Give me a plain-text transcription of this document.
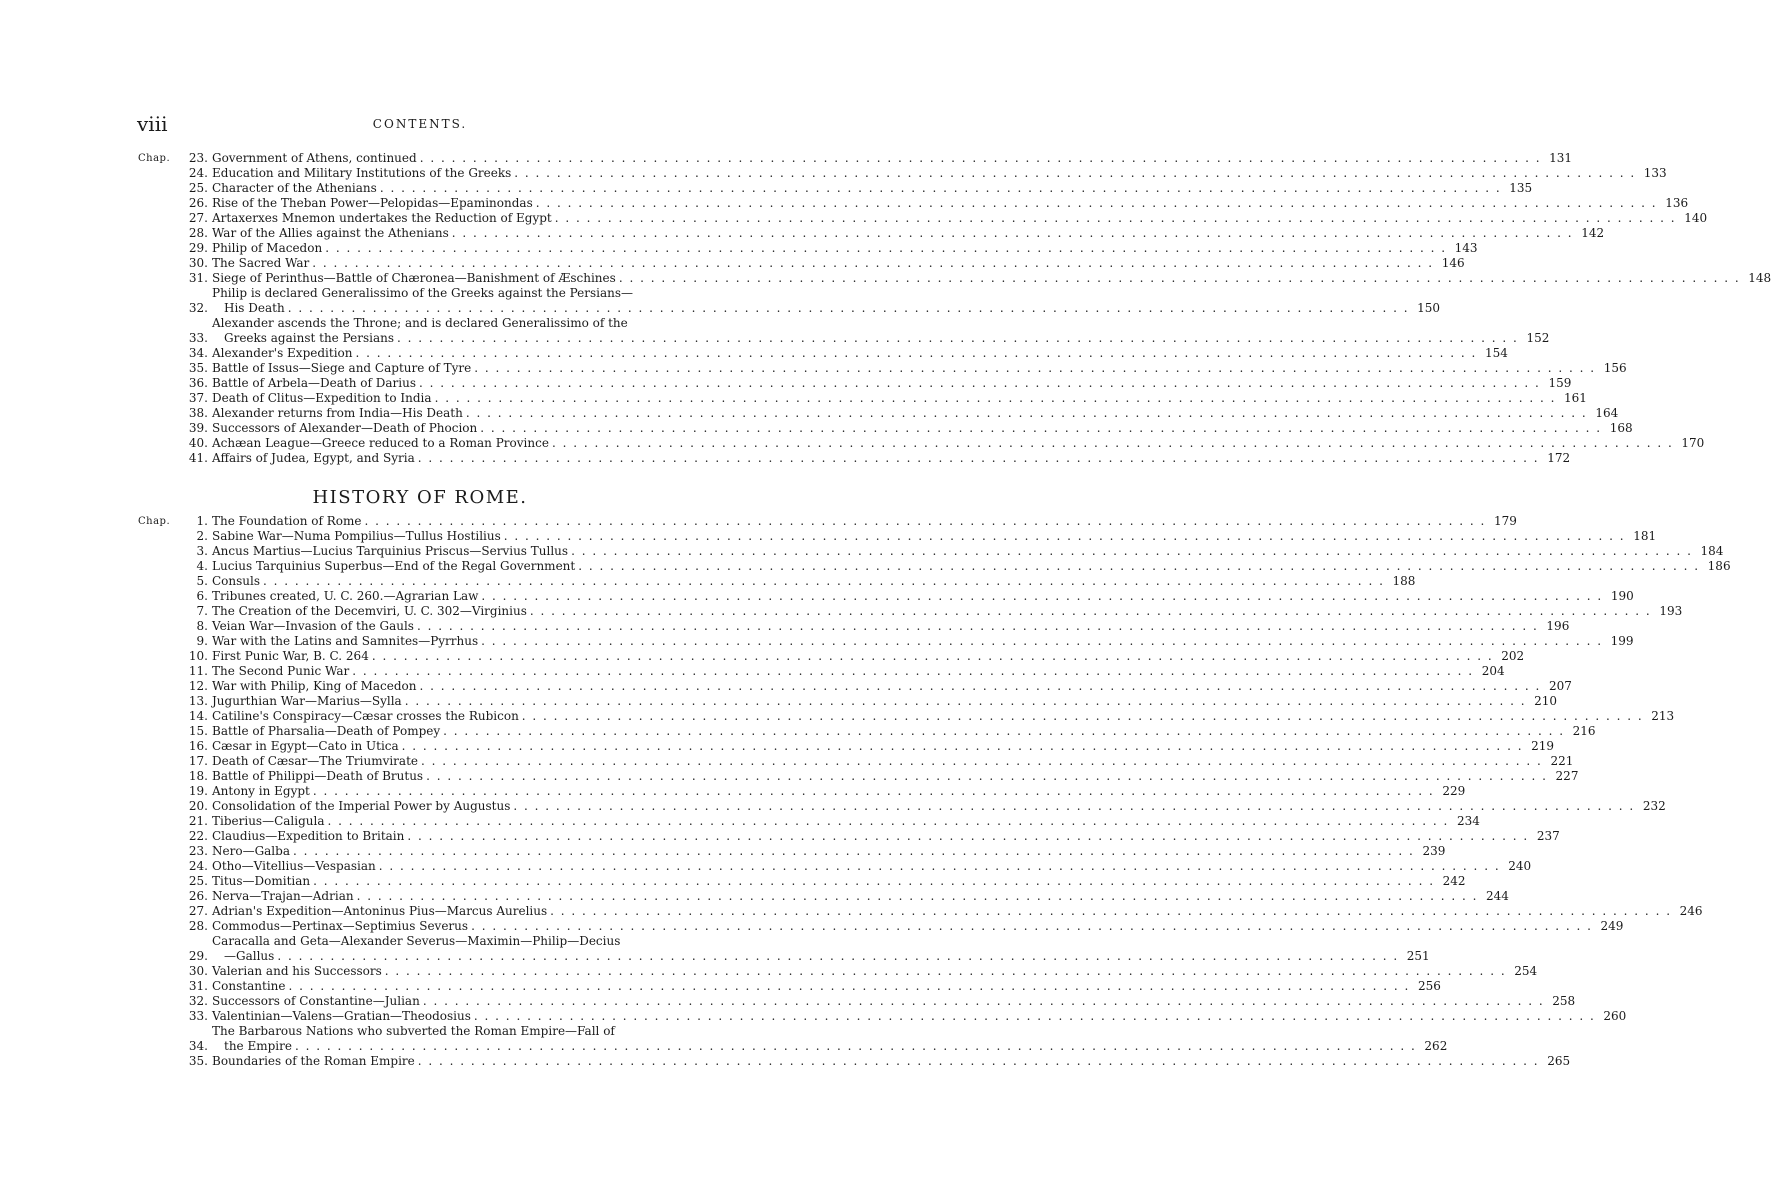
viii	CONTENTS.
Chap.	23. Government of Athens, continued . . .	131
24. Education and Military Institutions of the Greeks . . .	133
25. Character of the Athenians . . .	135
26. Rise of the Theban Power—Pelopidas—Epaminondas . . .	136
27. Artaxerxes Mnemon undertakes the Reduction of Egypt . . .	140
28. War of the Allies against the Athenians . . .	142
29. Philip of Macedon . . .	143
30. The Sacred War . . .	146
31. Siege of Perinthus—Battle of Chæronea—Banishment of Æschines . . .	148
32.
Philip is declared Generalissimo of the Greeks against the Persians—
His Death . . .	150
33.
Alexander ascends the Throne; and is declared Generalissimo of the
Greeks against the Persians . . .	152
34. Alexander's Expedition . . .	154
35. Battle of Issus—Siege and Capture of Tyre . . .	156
36. Battle of Arbela—Death of Darius . . .	159
37. Death of Clitus—Expedition to India . . .	161
38. Alexander returns from India—His Death . . .	164
39. Successors of Alexander—Death of Phocion . . .	168
40. Achæan League—Greece reduced to a Roman Province . . .	170
41. Affairs of Judea, Egypt, and Syria . . .	172
HISTORY OF ROME.
Chap.	1. The Foundation of Rome . . .	179
2. Sabine War—Numa Pompilius—Tullus Hostilius . . .	181
3. Ancus Martius—Lucius Tarquinius Priscus—Servius Tullus . . .	184
4. Lucius Tarquinius Superbus—End of the Regal Government . . .	186
5. Consuls . . .	188
6. Tribunes created, U. C. 260.—Agrarian Law . . .	190
7. The Creation of the Decemviri, U. C. 302—Virginius . . .	193
8. Veian War—Invasion of the Gauls . . .	196
9. War with the Latins and Samnites—Pyrrhus . . .	199
10. First Punic War, B. C. 264 . . .	202
11. The Second Punic War . . .	204
12. War with Philip, King of Macedon . . .	207
13. Jugurthian War—Marius—Sylla . . .	210
14. Catiline's Conspiracy—Cæsar crosses the Rubicon . . .	213
15. Battle of Pharsalia—Death of Pompey . . .	216
16. Cæsar in Egypt—Cato in Utica . . .	219
17. Death of Cæsar—The Triumvirate . . .	221
18. Battle of Philippi—Death of Brutus . . .	227
19. Antony in Egypt . . .	229
20. Consolidation of the Imperial Power by Augustus . . .	232
21. Tiberius—Caligula . . .	234
22. Claudius—Expedition to Britain . . .	237
23. Nero—Galba . . .	239
24. Otho—Vitellius—Vespasian . . .	240
25. Titus—Domitian . . .	242
26. Nerva—Trajan—Adrian . . .	244
27. Adrian's Expedition—Antoninus Pius—Marcus Aurelius . . .	246
28. Commodus—Pertinax—Septimius Severus . . .	249
29.
Caracalla and Geta—Alexander Severus—Maximin—Philip—Decius
—Gallus . . .	251
30. Valerian and his Successors . . .	254
31. Constantine . . .	256
32. Successors of Constantine—Julian . . .	258
33. Valentinian—Valens—Gratian—Theodosius . . .	260
34.
The Barbarous Nations who subverted the Roman Empire—Fall of
the Empire . . .	262
35. Boundaries of the Roman Empire . . .	265
